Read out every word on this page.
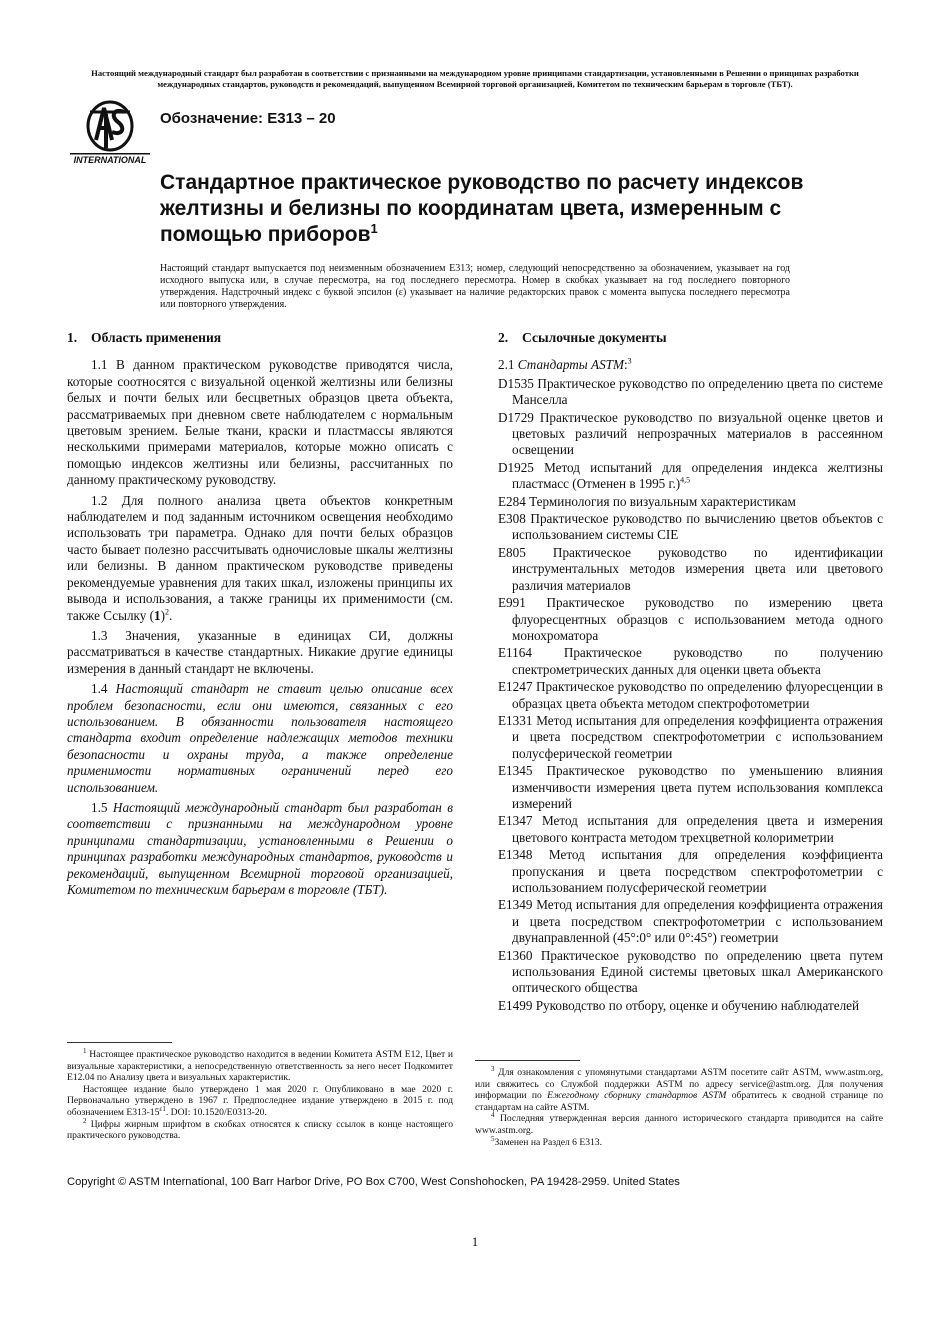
Настоящий международный стандарт был разработан в соответствии с признанными на международном уровне принципами стандартизации, установленными в Решении о принципах разработки международных стандартов, руководств и рекомендаций, выпущенном Всемирной торговой организацией, Комитетом по техническим барьерам в торговле (ТБТ).
INTERNATIONAL
Обозначение: E313 – 20
Стандартное практическое руководство по расчету индексов желтизны и белизны по координатам цвета, измеренным с помощью приборов$^1$
Настоящий стандарт выпускается под неизменным обозначением E313; номер, следующий непосредственно за обозначением, указывает на год исходного выпуска или, в случае пересмотра, на год последнего пересмотра. Номер в скобках указывает на год последнего повторного утверждения. Надстрочный индекс с буквой эпсилон (ε) указывает на наличие редакторских правок с момента выпуска последнего пересмотра или повторного утверждения.
1. Область применения

1.1 В данном практическом руководстве приводятся числа, которые соотносятся с визуальной оценкой желтизны или белизны белых и почти белых или бесцветных образцов цвета объекта, рассматриваемых при дневном свете наблюдателем с нормальным цветовым зрением. Белые ткани, краски и пластмассы являются несколькими примерами материалов, которые можно описать с помощью индексов желтизны или белизны, рассчитанных по данному практическому руководству.

1.2 Для полного анализа цвета объектов конкретным наблюдателем и под заданным источником освещения необходимо использовать три параметра. Однако для почти белых образцов часто бывает полезно рассчитывать одночисловые шкалы желтизны или белизны. В данном практическом руководстве приведены рекомендуемые уравнения для таких шкал, изложены принципы их вывода и использования, а также границы их применимости (см. также Ссылку $(1)^2$.

1.3 Значения, указанные в единицах СИ, должны рассматриваться в качестве стандартных. Никакие другие единицы измерения в данный стандарт не включены.

1.4 Настоящий стандарт не ставит целью описание всех проблем безопасности, если они имеются, связанных с его использованием. В обязанности пользователя настоящего стандарта входит определение надлежащих методов техники безопасности и охраны труда, а также определение применимости нормативных ограничений перед его использованием.

1.5 Настоящий международный стандарт был разработан в соответствии с признанными на международном уровне принципами стандартизации, установленными в Решении о принципах разработки международных стандартов, руководств и рекомендаций, выпущенном Всемирной торговой организацией, Комитетом по техническим барьерам в торговле (ТБТ).

2. Ссылочные документы
2.1 Стандарты ASTM:$^3$
D1535 Практическое руководство по определению цвета по системе Манселла
D1729 Практическое руководство по визуальной оценке цветов и цветовых различий непрозрачных материалов в рассеянном освещении
D1925 Метод испытаний для определения индекса желтизны пластмасс (Отменен в 1995 г.)$^{4,5}$
E284 Терминология по визуальным характеристикам
E308 Практическое руководство по вычислению цветов объектов с использованием системы CIE
E805 Практическое руководство по идентификации инструментальных методов измерения цвета или цветового различия материалов
E991 Практическое руководство по измерению цвета флуоресцентных образцов с использованием метода одного монохроматора
E1164 Практическое руководство по получению спектрометрических данных для оценки цвета объекта
E1247 Практическое руководство по определению флуоресценции в образцах цвета объекта методом спектрофотометрии
E1331 Метод испытания для определения коэффициента отражения и цвета посредством спектрофотометрии с использованием полусферической геометрии
E1345 Практическое руководство по уменьшению влияния изменчивости измерения цвета путем использования комплекса измерений
E1347 Метод испытания для определения цвета и измерения цветового контраста методом трехцветной колориметрии
E1348 Метод испытания для определения коэффициента пропускания и цвета посредством спектрофотометрии с использованием полусферической геометрии
E1349 Метод испытания для определения коэффициента отражения и цвета посредством спектрофотометрии с использованием двунаправленной (45°:0° или 0°:45°) геометрии
E1360 Практическое руководство по определению цвета путем использования Единой системы цветовых шкал Американского оптического общества
E1499 Руководство по отбору, оценке и обучению наблюдателей

$^1$ Настоящее практическое руководство находится в ведении Комитета ASTM E12, Цвет и визуальные характеристики, а непосредственную ответственность за него несет Подкомитет E12.04 по Анализу цвета и визуальных характеристик.

Настоящее издание было утверждено 1 мая 2020 г. Опубликовано в мае 2020 г. Первоначально утверждено в 1967 г. Предпоследнее издание утверждено в 2015 г. под обозначением $E313-15^{\varepsilon 1}$. DOI: 10.1520/E0313-20.

$^2$ Цифры жирным шрифтом в скобках относятся к списку ссылок в конце настоящего практического руководства.

$^3$ Для ознакомления с упомянутыми стандартами ASTM посетите сайт ASTM, www.astm.org, или свяжитесь со Службой поддержки ASTM по адресу service@astm.org. Для получения информации по Ежегодному сборнику стандартов ASTM обратитесь к сводной странице по стандартам на сайте ASTM.

$^4$ Последняя утвержденная версия данного исторического стандарта приводится на сайте www.astm.org.

$^5$Заменен на Раздел 6 E313.

Copyright © ASTM International, 100 Barr Harbor Drive, PO Box C700, West Conshohocken, PA 19428-2959. United States
1
